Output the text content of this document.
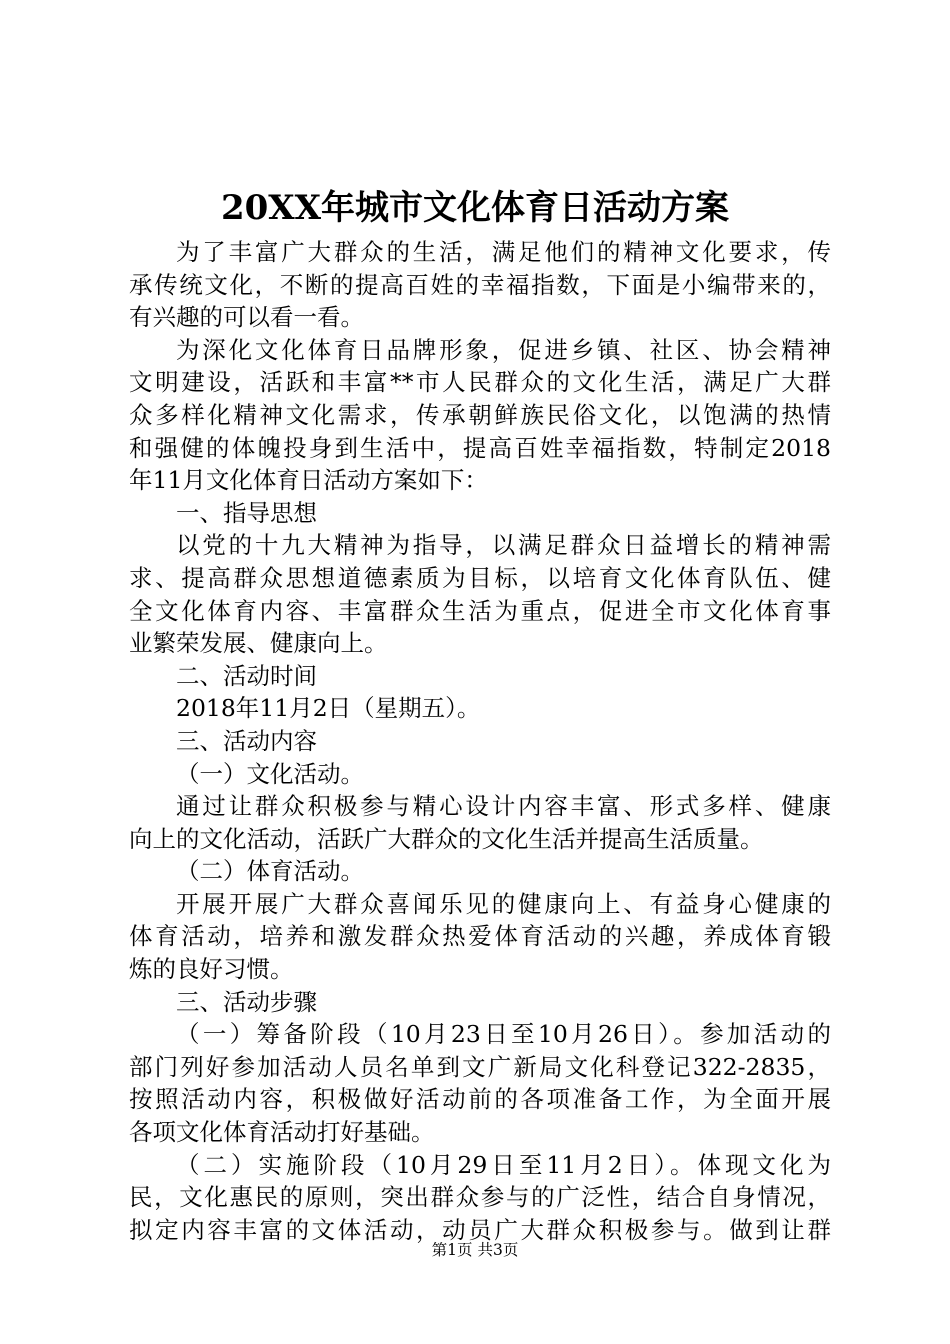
20XX年城市文化体育日活动方案
为了丰富广大群众的生活，满足他们的精神文化要求，传
承传统文化，不断的提高百姓的幸福指数，下面是小编带来的，
有兴趣的可以看一看。
为深化文化体育日品牌形象，促进乡镇、社区、协会精神
文明建设，活跃和丰富**市人民群众的文化生活，满足广大群
众多样化精神文化需求，传承朝鲜族民俗文化，以饱满的热情
和强健的体魄投身到生活中，提高百姓幸福指数，特制定2018
年11月文化体育日活动方案如下：
一、指导思想
以党的十九大精神为指导，以满足群众日益增长的精神需
求、提高群众思想道德素质为目标，以培育文化体育队伍、健
全文化体育内容、丰富群众生活为重点，促进全市文化体育事
业繁荣发展、健康向上。
二、活动时间
2018年11月2日（星期五）。
三、活动内容
（一）文化活动。
通过让群众积极参与精心设计内容丰富、形式多样、健康
向上的文化活动，活跃广大群众的文化生活并提高生活质量。
（二）体育活动。
开展开展广大群众喜闻乐见的健康向上、有益身心健康的
体育活动，培养和激发群众热爱体育活动的兴趣，养成体育锻
炼的良好习惯。
三、活动步骤
（一）筹备阶段（10月23日至10月26日）。参加活动的
部门列好参加活动人员名单到文广新局文化科登记322-2835，
按照活动内容，积极做好活动前的各项准备工作，为全面开展
各项文化体育活动打好基础。
（二）实施阶段（10月29日至11月2日）。体现文化为
民，文化惠民的原则，突出群众参与的广泛性，结合自身情况，
拟定内容丰富的文体活动，动员广大群众积极参与。做到让群
第1页 共3页
